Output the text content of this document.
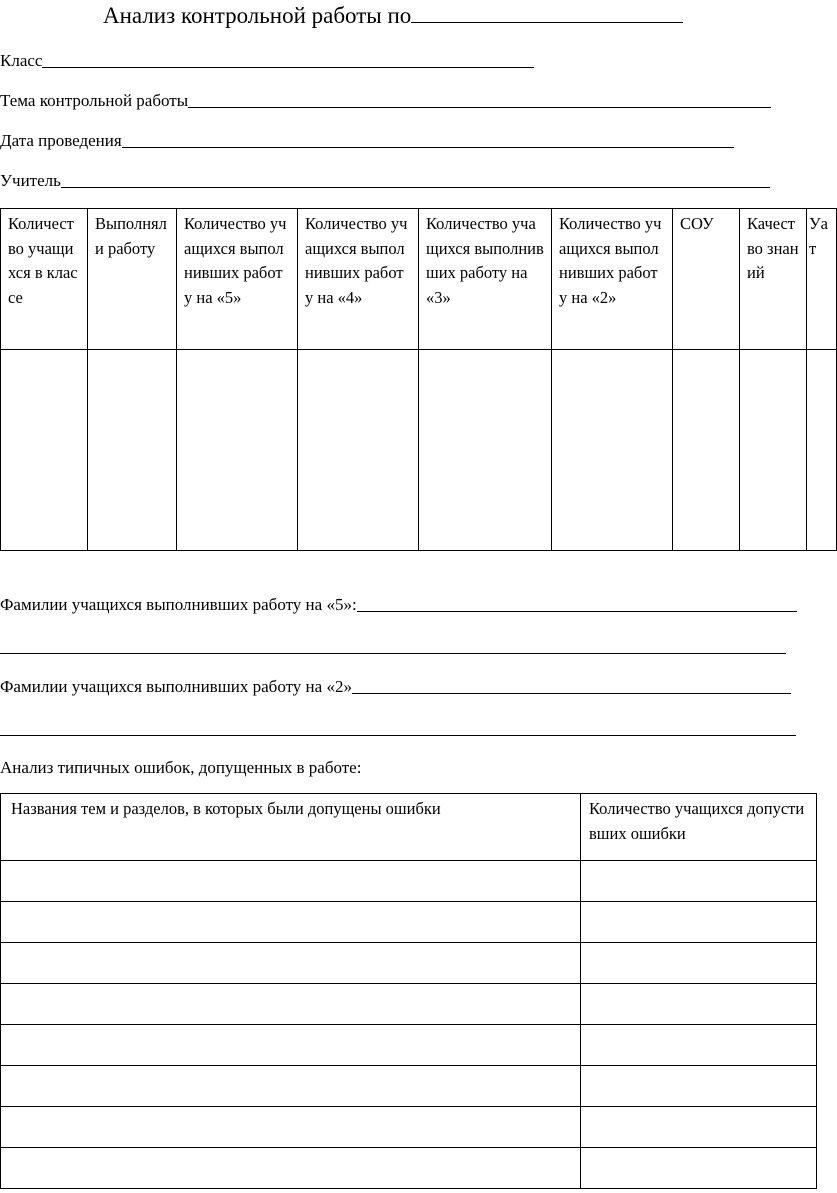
Анализ контрольной работы по
Класс
Тема контрольной работы
Дата проведения
Учитель
Количество учащихся в классе	Выполняли работу	Количество учащихся выполнивших работу на «5»	Количество учащихся выполнивших работу на «4»	Количество учащихся выполнивших работу на «3»	Количество учащихся выполнивших работу на «2»	СОУ	Качество знаний	Уа т

Фамилии учащихся выполнивших работу на «5»:
Фамилии учащихся выполнивших работу на «2»
Анализ типичных ошибок, допущенных в работе:
Названия тем и разделов, в которых были допущены ошибки	Количество учащихся допустивших ошибки
